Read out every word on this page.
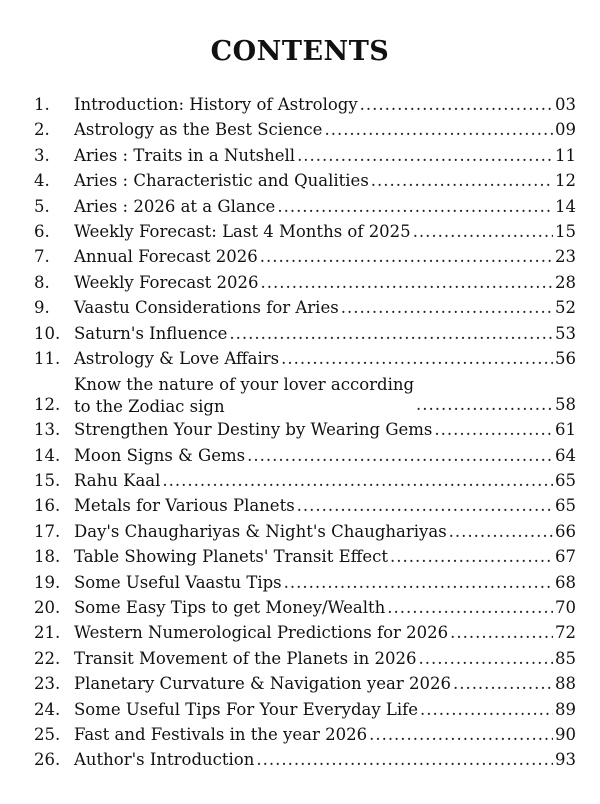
CONTENTS
1.	Introduction: History of Astrology .....	03
2.	Astrology as the Best Science .....	09
3.	Aries : Traits in a Nutshell .....	11
4.	Aries : Characteristic and Qualities .....	12
5.	Aries : 2026 at a Glance .....	14
6.	Weekly Forecast: Last 4 Months of 2025 .....	15
7.	Annual Forecast 2026 .....	23
8.	Weekly Forecast 2026 .....	28
9.	Vaastu Considerations for Aries .....	52
10. Saturn's Influence .....	53
11. Astrology & Love Affairs .....	56
12.
Know the nature of your lover according
to the Zodiac sign .....	58
13. Strengthen Your Destiny by Wearing Gems .....	61
14. Moon Signs & Gems .....	64
15. Rahu Kaal .....	65
16. Metals for Various Planets .....	65
17. Day's Chaughariyas & Night's Chaughariyas .....	66
18. Table Showing Planets' Transit Effect .....	67
19. Some Useful Vaastu Tips .....	68
20. Some Easy Tips to get Money/Wealth .....	70
21. Western Numerological Predictions for 2026 .....	72
22. Transit Movement of the Planets in 2026 .....	85
23. Planetary Curvature & Navigation year 2026 .....	88
24. Some Useful Tips For Your Everyday Life .....	89
25. Fast and Festivals in the year 2026 .....	90
26. Author's Introduction .....	93
